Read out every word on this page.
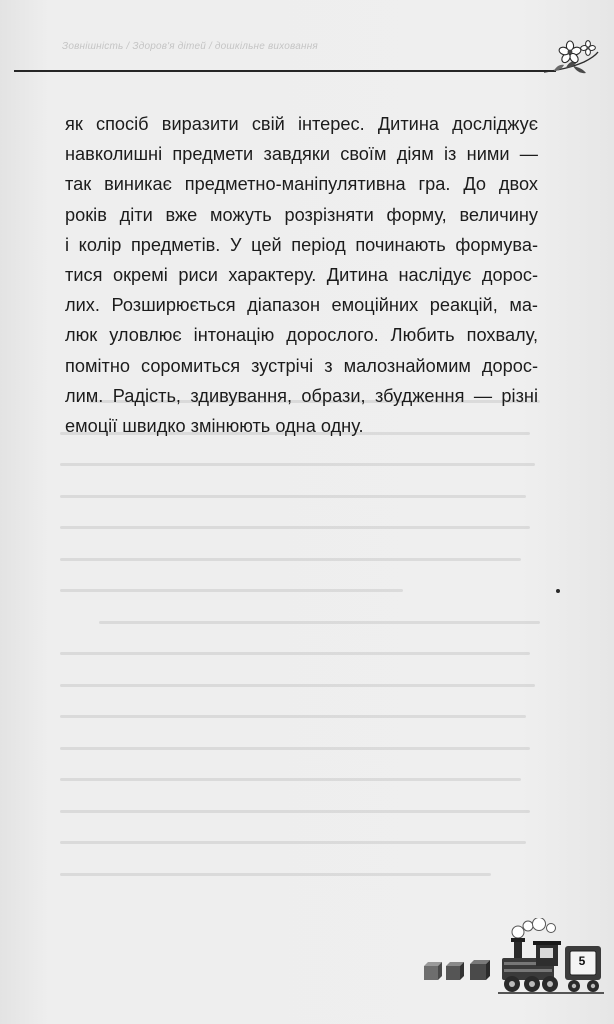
Зовнішність / Здоров'я дітей / дошкільне виховання
як спосіб виразити свій інтерес. Дитина досліджує
навколишні предмети завдяки своїм діям із ними —
так виникає предметно-маніпулятивна гра. До двох
років діти вже можуть розрізняти форму, величину
і колір предметів. У цей період починають формува-
тися окремі риси характеру. Дитина наслідує дорос-
лих. Розширюється діапазон емоційних реакцій, ма-
люк уловлює інтонацію дорослого. Любить похвалу,
помітно соромиться зустрічі з малознайомим дорос-
лим. Радість, здивування, образи, збудження — різні
емоції швидко змінюють одна одну.
5
